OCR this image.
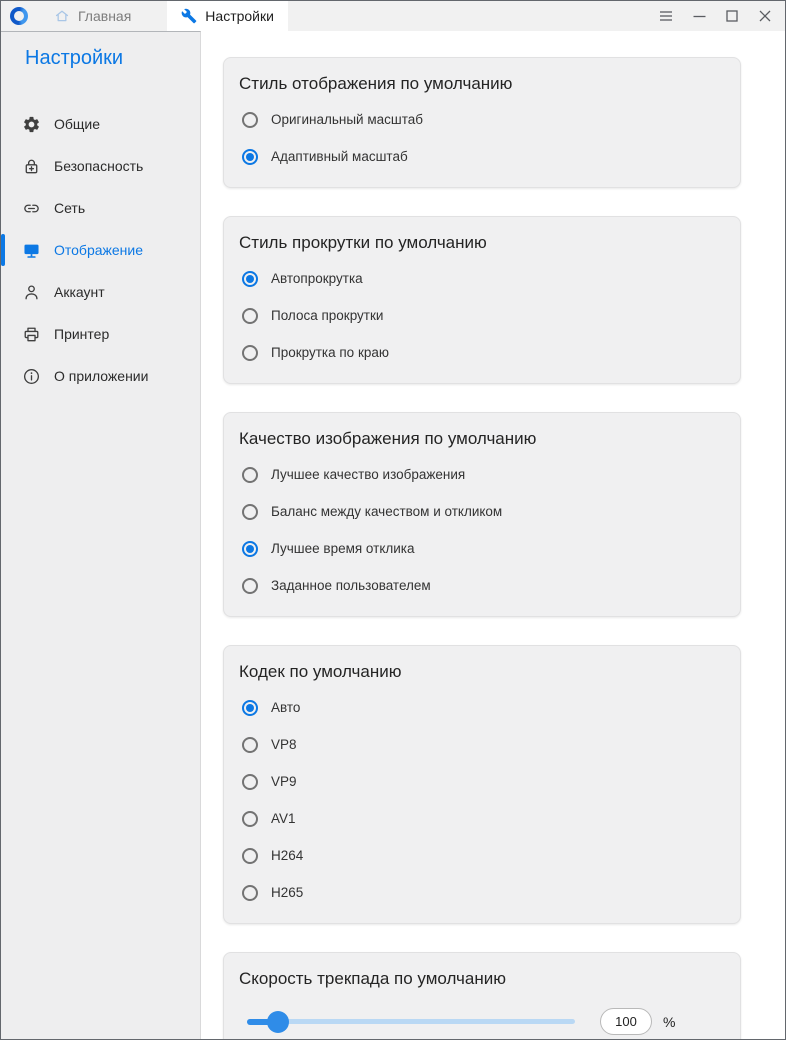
Главная	Настройки
Настройки
Общие
Безопасность
Сеть
Отображение
Аккаунт
Принтер
О приложении
Стиль отображения по умолчанию
Оригинальный масштаб
Адаптивный масштаб
Стиль прокрутки по умолчанию
Автопрокрутка
Полоса прокрутки
Прокрутка по краю
Качество изображения по умолчанию
Лучшее качество изображения
Баланс между качеством и откликом
Лучшее время отклика
Заданное пользователем
Кодек по умолчанию
Авто
VP8
VP9
AV1
H264
H265
Скорость трекпада по умолчанию
100	%
